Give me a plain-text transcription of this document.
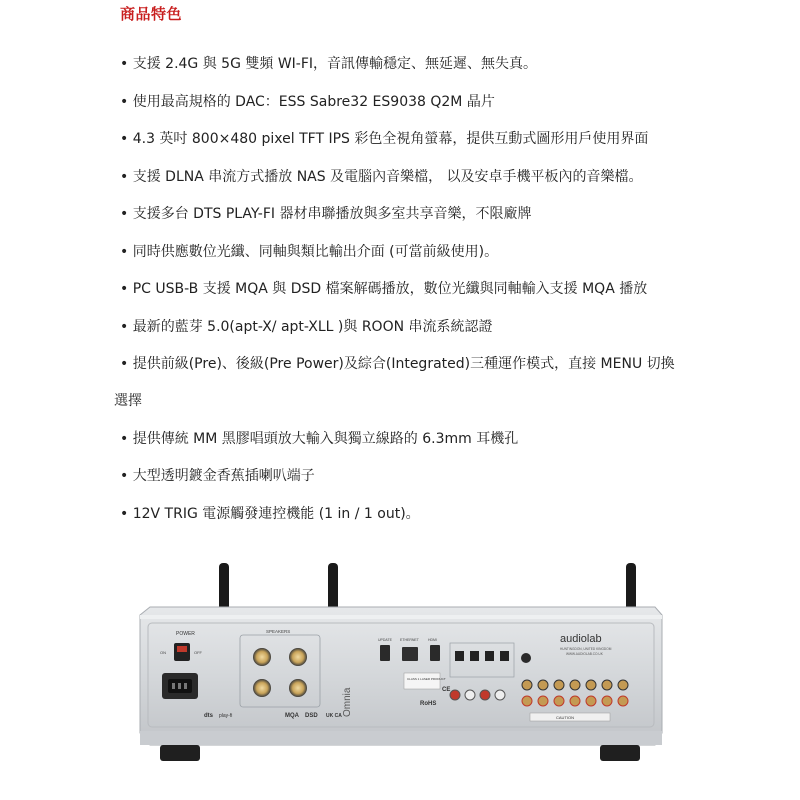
商品特色
• 支援 2.4G 與 5G 雙頻 WI-FI，音訊傳輸穩定、無延遲、無失真。
• 使用最高規格的 DAC：ESS Sabre32 ES9038 Q2M 晶片
• 4.3 英吋 800×480 pixel TFT IPS 彩色全視角螢幕，提供互動式圖形用戶使用界面
• 支援 DLNA 串流方式播放 NAS 及電腦內音樂檔， 以及安卓手機平板內的音樂檔。
• 支援多台 DTS PLAY-FI 器材串聯播放與多室共享音樂，不限廠牌
• 同時供應數位光纖、同軸與類比輸出介面 (可當前級使用)。
• PC USB-B 支援 MQA 與 DSD 檔案解碼播放，數位光纖與同軸輸入支援 MQA 播放
• 最新的藍芽 5.0(apt-X/ apt-XLL )與 ROON 串流系統認證
• 提供前級(Pre)、後級(Pre Power)及綜合(Integrated)三種運作模式，直接 MENU 切換
選擇
• 提供傳統 MM 黑膠唱頭放大輸入與獨立線路的 6.3mm 耳機孔
• 大型透明鍍金香蕉插喇叭端子
• 12V TRIG 電源觸發連控機能 (1 in / 1 out)。
POWER
ON	OFF
SPEAKERS
dts play-fi	MQA DSD UK CA Omnia
UPDATE ETHERNET	HDMI
CLASS 1 LASER PRODUCT
RoHS
CE
CAUTION
audiolab
HUNTINGDON, UNITED KINGDOM
WWW.AUDIOLAB.CO.UK
